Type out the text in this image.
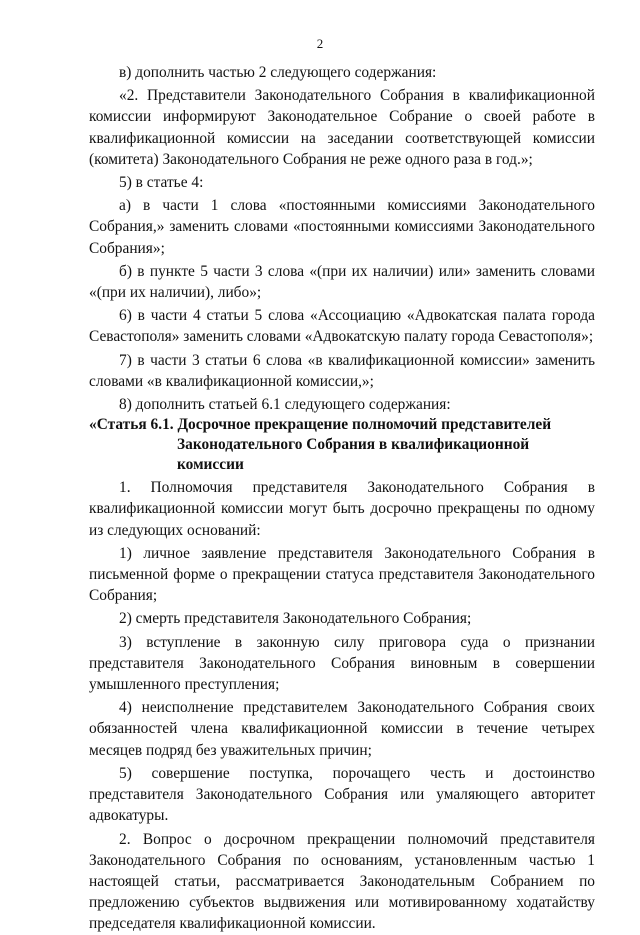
2

в) дополнить частью 2 следующего содержания:

«2. Представители Законодательного Собрания в квалификационной комиссии информируют Законодательное Собрание о своей работе в квалификационной комиссии на заседании соответствующей комиссии (комитета) Законодательного Собрания не реже одного раза в год.»;

5) в статье 4:

а) в части 1 слова «постоянными комиссиями Законодательного Собрания,» заменить словами «постоянными комиссиями Законодательного Собрания»;

б) в пункте 5 части 3 слова «(при их наличии) или» заменить словами «(при их наличии), либо»;

6) в части 4 статьи 5 слова «Ассоциацию «Адвокатская палата города Севастополя» заменить словами «Адвокатскую палату города Севастополя»;

7) в части 3 статьи 6 слова «в квалификационной комиссии» заменить словами «в квалификационной комиссии,»;

8) дополнить статьей 6.1 следующего содержания:

«Статья 6.1. Досрочное прекращение полномочий представителей
Законодательного Собрания в квалификационной комиссии

1. Полномочия представителя Законодательного Собрания в квалификационной комиссии могут быть досрочно прекращены по одному из следующих оснований:

1) личное заявление представителя Законодательного Собрания в письменной форме о прекращении статуса представителя Законодательного Собрания;

2) смерть представителя Законодательного Собрания;

3) вступление в законную силу приговора суда о признании представителя Законодательного Собрания виновным в совершении умышленного преступления;

4) неисполнение представителем Законодательного Собрания своих обязанностей члена квалификационной комиссии в течение четырех месяцев подряд без уважительных причин;

5) совершение поступка, порочащего честь и достоинство представителя Законодательного Собрания или умаляющего авторитет адвокатуры.

2. Вопрос о досрочном прекращении полномочий представителя Законодательного Собрания по основаниям, установленным частью 1 настоящей статьи, рассматривается Законодательным Собранием по предложению субъектов выдвижения или мотивированному ходатайству председателя квалификационной комиссии.
